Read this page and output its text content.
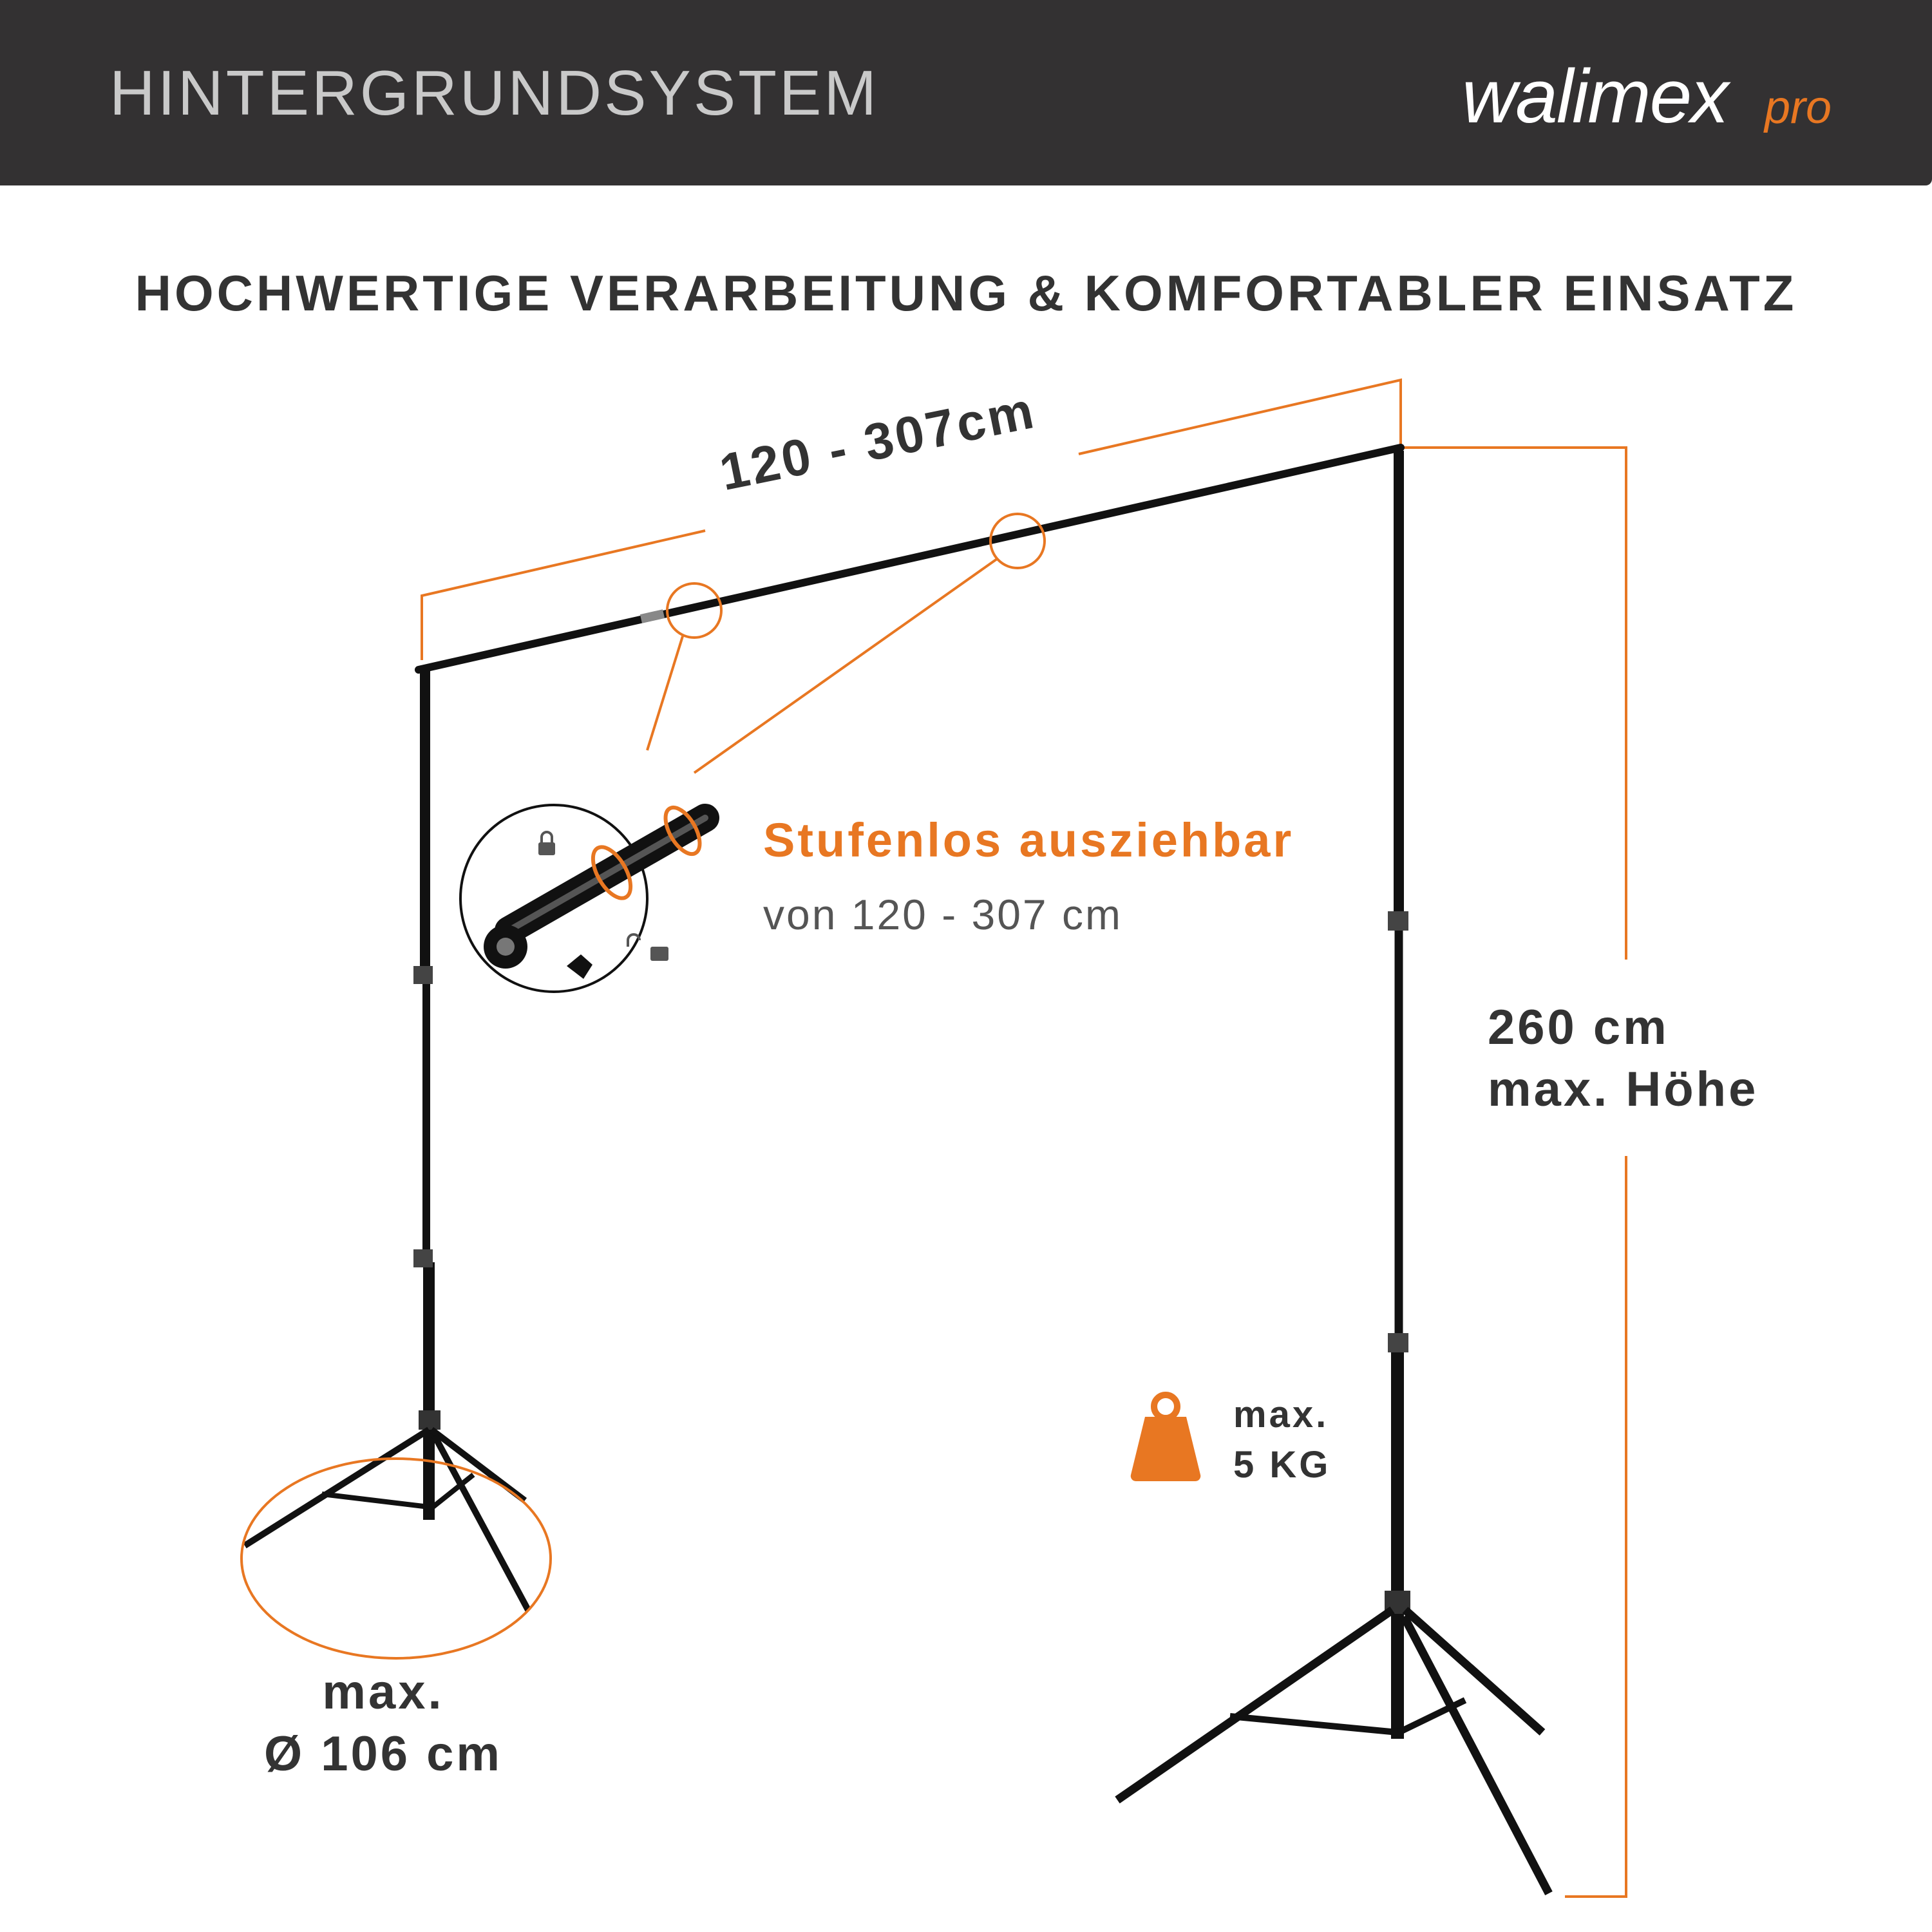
HINTERGRUNDSYSTEM	walimex pro
HOCHWERTIGE VERARBEITUNG & KOMFORTABLER EINSATZ
120 - 307cm
Stufenlos ausziehbar
von 120 - 307 cm
260 cm
max. Höhe
max.
5 KG
max.
Ø 106 cm
